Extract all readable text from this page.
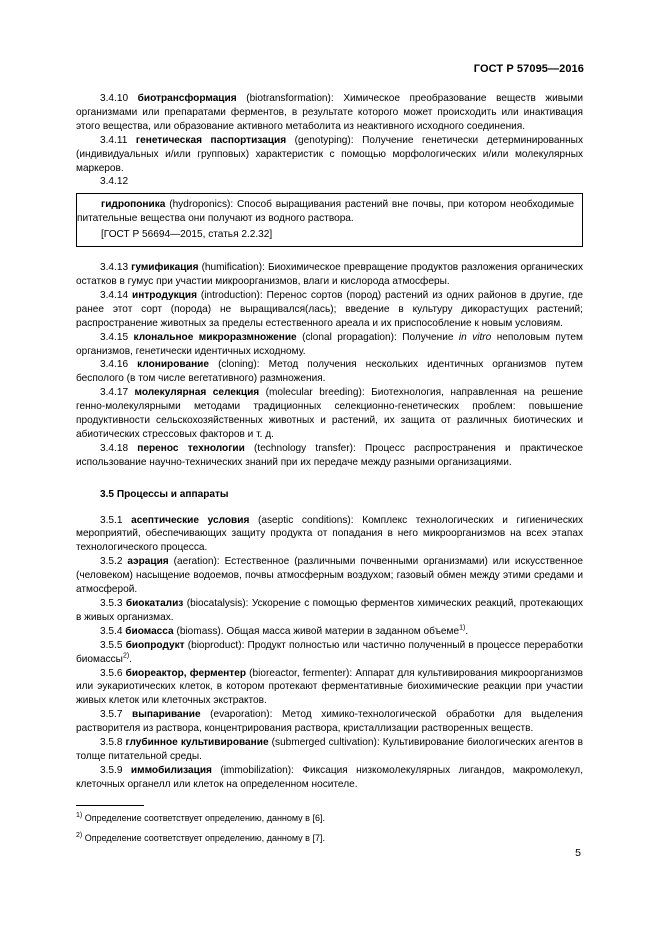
ГОСТ Р 57095—2016

3.4.10 биотрансформация (biotransformation): Химическое преобразование веществ живыми организмами или препаратами ферментов, в результате которого может происходить или инактивация этого вещества, или образование активного метаболита из неактивного исходного соединения.

3.4.11 генетическая паспортизация (genotyping): Получение генетически детерминированных (индивидуальных и/или групповых) характеристик с помощью морфологических и/или молекулярных маркеров.

3.4.12

гидропоника (hydroponics): Способ выращивания растений вне почвы, при котором необходимые питательные вещества они получают из водного раствора.

[ГОСТ Р 56694—2015, статья 2.2.32]

3.4.13 гумификация (humification): Биохимическое превращение продуктов разложения органических остатков в гумус при участии микроорганизмов, влаги и кислорода атмосферы.

3.4.14 интродукция (introduction): Перенос сортов (пород) растений из одних районов в другие, где ранее этот сорт (порода) не выращивался(лась); введение в культуру дикорастущих растений; распространение животных за пределы естественного ареала и их приспособление к новым условиям.

3.4.15 клональное микроразмножение (clonal propagation): Получение in vitro неполовым путем организмов, генетически идентичных исходному.

3.4.16 клонирование (cloning): Метод получения нескольких идентичных организмов путем бесполого (в том числе вегетативного) размножения.

3.4.17 молекулярная селекция (molecular breeding): Биотехнология, направленная на решение генно-молекулярными методами традиционных селекционно-генетических проблем: повышение продуктивности сельскохозяйственных животных и растений, их защита от различных биотических и абиотических стрессовых факторов и т. д.

3.4.18 перенос технологии (technology transfer): Процесс распространения и практическое использование научно-технических знаний при их передаче между разными организациями.

3.5 Процессы и аппараты

3.5.1 асептические условия (aseptic conditions): Комплекс технологических и гигиенических мероприятий, обеспечивающих защиту продукта от попадания в него микроорганизмов на всех этапах технологического процесса.

3.5.2 аэрация (aeration): Естественное (различными почвенными организмами) или искусственное (человеком) насыщение водоемов, почвы атмосферным воздухом; газовый обмен между этими средами и атмосферой.

3.5.3 биокатализ (biocatalysis): Ускорение с помощью ферментов химических реакций, протекающих в живых организмах.

3.5.4 биомасса (biomass). Общая масса живой материи в заданном объеме$^{1)}$.

3.5.5 биопродукт (bioproduct): Продукт полностью или частично полученный в процессе переработки биомассы$^{2)}$.

3.5.6 биореактор, ферментер (bioreactor, fermenter): Аппарат для культивирования микроорганизмов или эукариотических клеток, в котором протекают ферментативные биохимические реакции при участии живых клеток или клеточных экстрактов.

3.5.7 выпаривание (evaporation): Метод химико-технологической обработки для выделения растворителя из раствора, концентрирования раствора, кристаллизации растворенных веществ.

3.5.8 глубинное культивирование (submerged cultivation): Культивирование биологических агентов в толще питательной среды.

3.5.9 иммобилизация (immobilization): Фиксация низкомолекулярных лигандов, макромолекул, клеточных органелл или клеток на определенном носителе.

$^{1)}$ Определение соответствует определению, данному в [6].
$^{2)}$ Определение соответствует определению, данному в [7].
5
